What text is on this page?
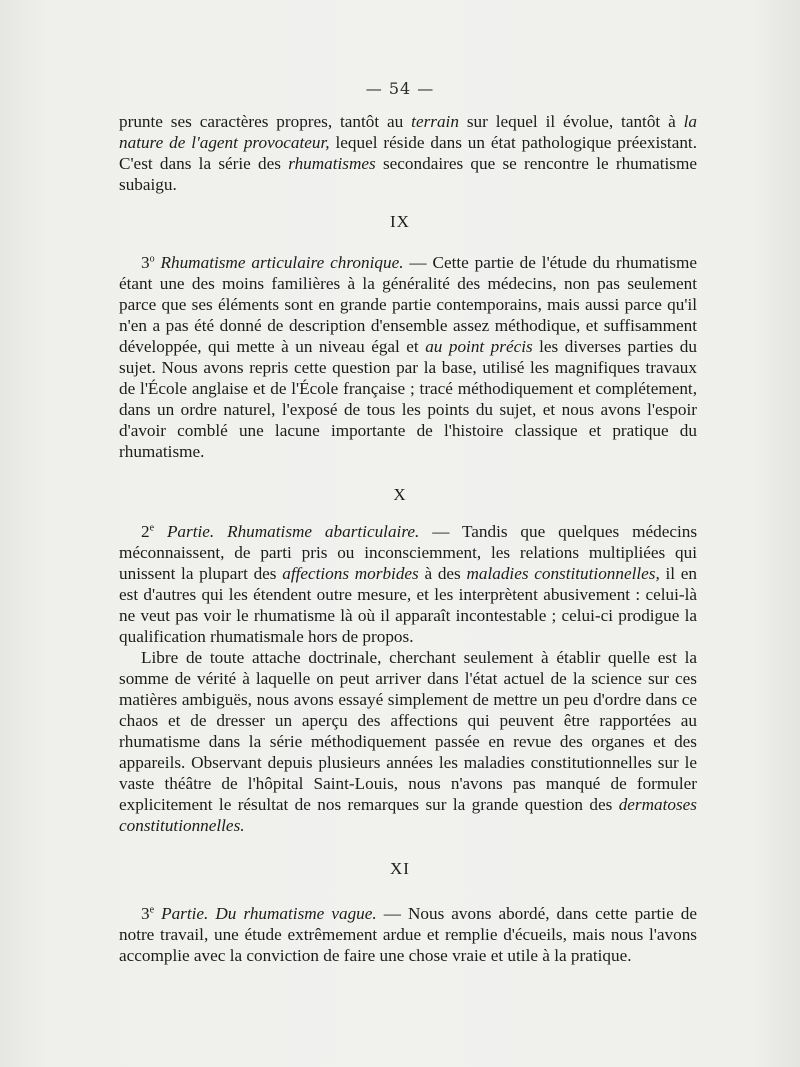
— 54 —

prunte ses caractères propres, tantôt au terrain sur lequel il évolue, tantôt à la nature de l'agent provocateur, lequel réside dans un état pathologique préexistant. C'est dans la série des rhumatismes secondaires que se rencontre le rhumatisme subaigu.

IX

3$^o$ Rhumatisme articulaire chronique. — Cette partie de l'étude du rhumatisme étant une des moins familières à la généralité des médecins, non pas seulement parce que ses éléments sont en grande partie contemporains, mais aussi parce qu'il n'en a pas été donné de description d'ensemble assez méthodique, et suffisamment développée, qui mette à un niveau égal et au point précis les diverses parties du sujet. Nous avons repris cette question par la base, utilisé les magnifiques travaux de l'École anglaise et de l'École française ; tracé méthodiquement et complétement, dans un ordre naturel, l'exposé de tous les points du sujet, et nous avons l'espoir d'avoir comblé une lacune importante de l'histoire classique et pratique du rhumatisme.

X

2e Partie. Rhumatisme abarticulaire. — Tandis que quelques médecins méconnaissent, de parti pris ou inconsciemment, les relations multipliées qui unissent la plupart des affections morbides à des maladies constitutionnelles, il en est d'autres qui les étendent outre mesure, et les interprètent abusivement : celui-là ne veut pas voir le rhumatisme là où il apparaît incontestable ; celui-ci prodigue la qualification rhumatismale hors de propos.

Libre de toute attache doctrinale, cherchant seulement à établir quelle est la somme de vérité à laquelle on peut arriver dans l'état actuel de la science sur ces matières ambiguës, nous avons essayé simplement de mettre un peu d'ordre dans ce chaos et de dresser un aperçu des affections qui peuvent être rapportées au rhumatisme dans la série méthodiquement passée en revue des organes et des appareils. Observant depuis plusieurs années les maladies constitutionnelles sur le vaste théâtre de l'hôpital Saint-Louis, nous n'avons pas manqué de formuler explicitement le résultat de nos remarques sur la grande question des dermatoses constitutionnelles.

XI

3e Partie. Du rhumatisme vague. — Nous avons abordé, dans cette partie de notre travail, une étude extrêmement ardue et remplie d'écueils, mais nous l'avons accomplie avec la conviction de faire une chose vraie et utile à la pratique.
